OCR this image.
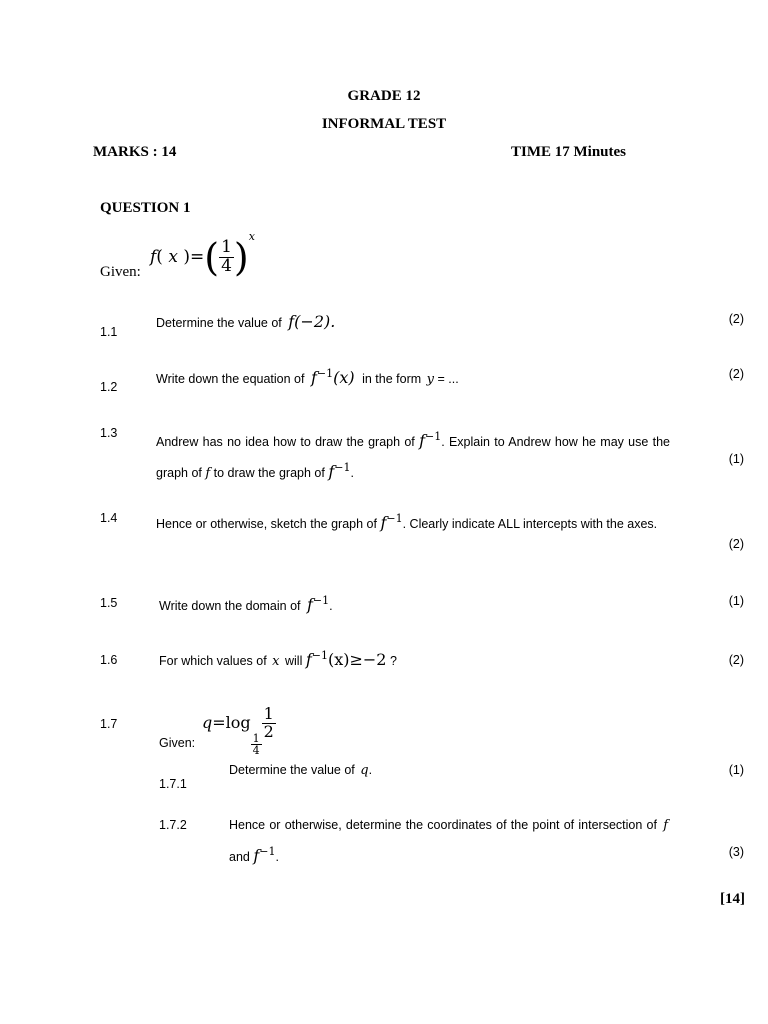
GRADE 12
INFORMAL TEST
MARKS : 14	TIME 17 Minutes
QUESTION 1
Given:
f( x )=( $\frac{1}{4} )^x$
1.1
Determine the value of f(−2).	(2)
1.2
Write down the equation of $f^{-1}(x)$ in the form y = ...	(2)
1.3
Andrew has no idea how to draw the graph of $f^{-1}$. Explain to Andrew how he may use the graph of f to draw the graph of $f^{-1}$.
(1)
1.4	Hence or otherwise, sketch the graph of $f^{-1}$. Clearly indicate ALL intercepts with the axes.
(2)
1.5	Write down the domain of $f^{-1}$.	(1)
1.6	For which values of x will $f^{-1}(x)\ge-2$ ?	(2)
1.7
Given:
q=log
$\frac{1}{4}$
$\frac{1}{2}$
1.7.1
Determine the value of q.	(1)
1.7.2	Hence or otherwise, determine the coordinates of the point of intersection of f and $f^{-1}$.	(3)
[14]
